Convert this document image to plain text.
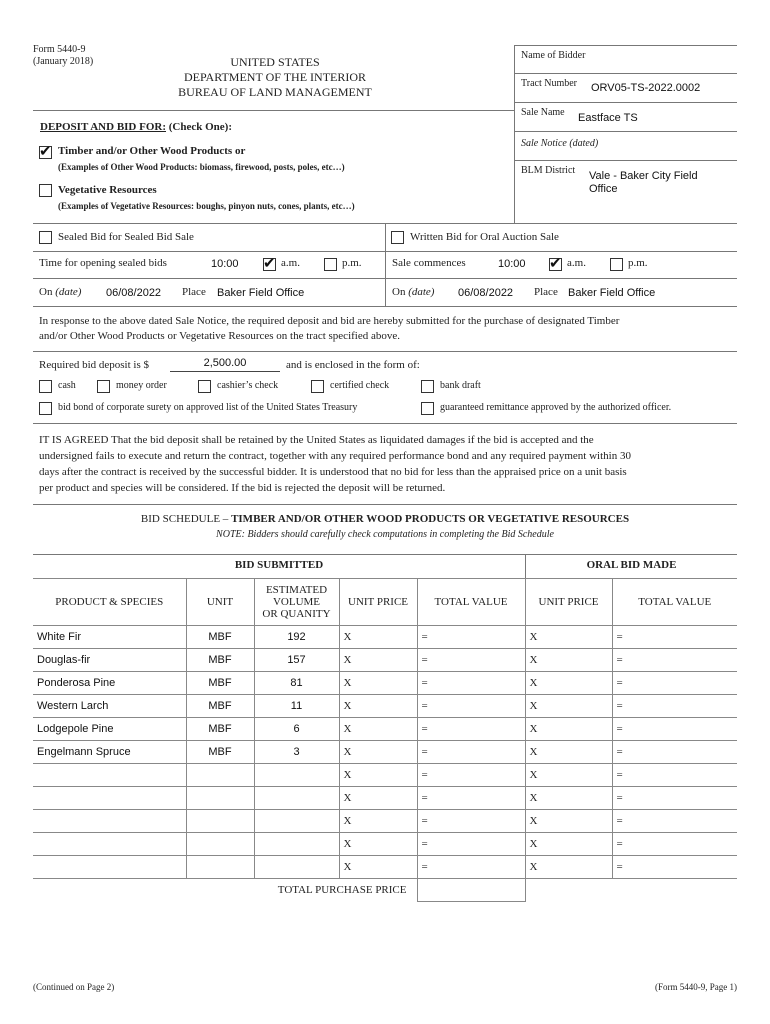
Form 5440-9
(January 2018)	UNITED STATES
DEPARTMENT OF THE INTERIOR
BUREAU OF LAND MANAGEMENT
Name of Bidder
Tract Number ORV05-TS-2022.0002
Sale Name Eastface TS
Sale Notice (dated)
BLM District Vale - Baker City Field
Office
DEPOSIT AND BID FOR: (Check One):
✔ Timber and/or Other Wood Products or
(Examples of Other Wood Products: biomass, firewood, posts, poles, etc…)
Vegetative Resources
(Examples of Vegetative Resources: boughs, pinyon nuts, cones, plants, etc…)
Sealed Bid for Sealed Bid Sale	Written Bid for Oral Auction Sale
Time for opening sealed bids	10:00 ✔ a.m.	p.m.	Sale commences	10:00 ✔ a.m.	p.m.
On (date) 06/08/2022 Place Baker Field Office	On (date) 06/08/2022 Place Baker Field Office
In response to the above dated Sale Notice, the required deposit and bid are hereby submitted for the purchase of designated Timber
and/or Other Wood Products or Vegetative Resources on the tract specified above.
Required bid deposit is $	2,500.00	and is enclosed in the form of:
cash	money order	cashier’s check	certified check	bank draft
bid bond of corporate surety on approved list of the United States Treasury	guaranteed remittance approved by the authorized officer.
IT IS AGREED That the bid deposit shall be retained by the United States as liquidated damages if the bid is accepted and the
undersigned fails to execute and return the contract, together with any required performance bond and any required payment within 30
days after the contract is received by the successful bidder. It is understood that no bid for less than the appraised price on a unit basis
per product and species will be considered. If the bid is rejected the deposit will be returned.
BID SCHEDULE – TIMBER AND/OR OTHER WOOD PRODUCTS OR VEGETATIVE RESOURCES
NOTE: Bidders should carefully check computations in completing the Bid Schedule
BID SUBMITTED	ORAL BID MADE
PRODUCT & SPECIES	UNIT	ESTIMATED
VOLUME
OR QUANITY	UNIT PRICE	TOTAL VALUE	UNIT PRICE	TOTAL VALUE
White Fir	MBF	192	X	=	X	=
Douglas-fir	MBF	157	X	=	X	=
Ponderosa Pine	MBF	81	X	=	X	=
Western Larch	MBF	11	X	=	X	=
Lodgepole Pine	MBF	6	X	=	X	=
Engelmann Spruce	MBF	3	X	=	X	=
			X	=	X	=
			X	=	X	=
			X	=	X	=
			X	=	X	=
			X	=	X	=
TOTAL PURCHASE PRICE						
(Continued on Page 2)	(Form 5440-9, Page 1)
